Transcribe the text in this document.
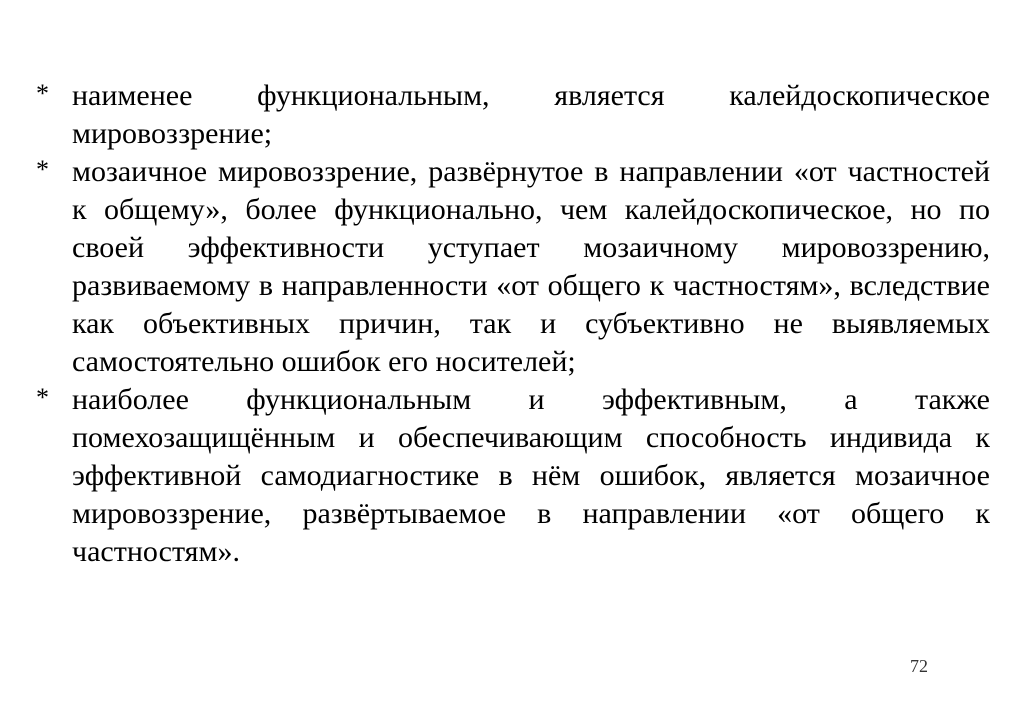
* наименее функциональным, является калейдоскопическое мировоззрение;
* мозаичное мировоззрение, развёрнутое в направлении «от частностей к общему», более функционально, чем калейдоскопическое, но по своей эффективности уступает мозаичному мировоззрению, развиваемому в направленности «от общего к частностям», вследствие как объективных причин, так и субъективно не выявляемых самостоятельно ошибок его носителей;
* наиболее функциональным и эффективным, а также помехозащищённым и обеспечивающим способность индивида к эффективной самодиагностике в нём ошибок, является мозаичное мировоззрение, развёртываемое в направлении «от общего к частностям».
72
